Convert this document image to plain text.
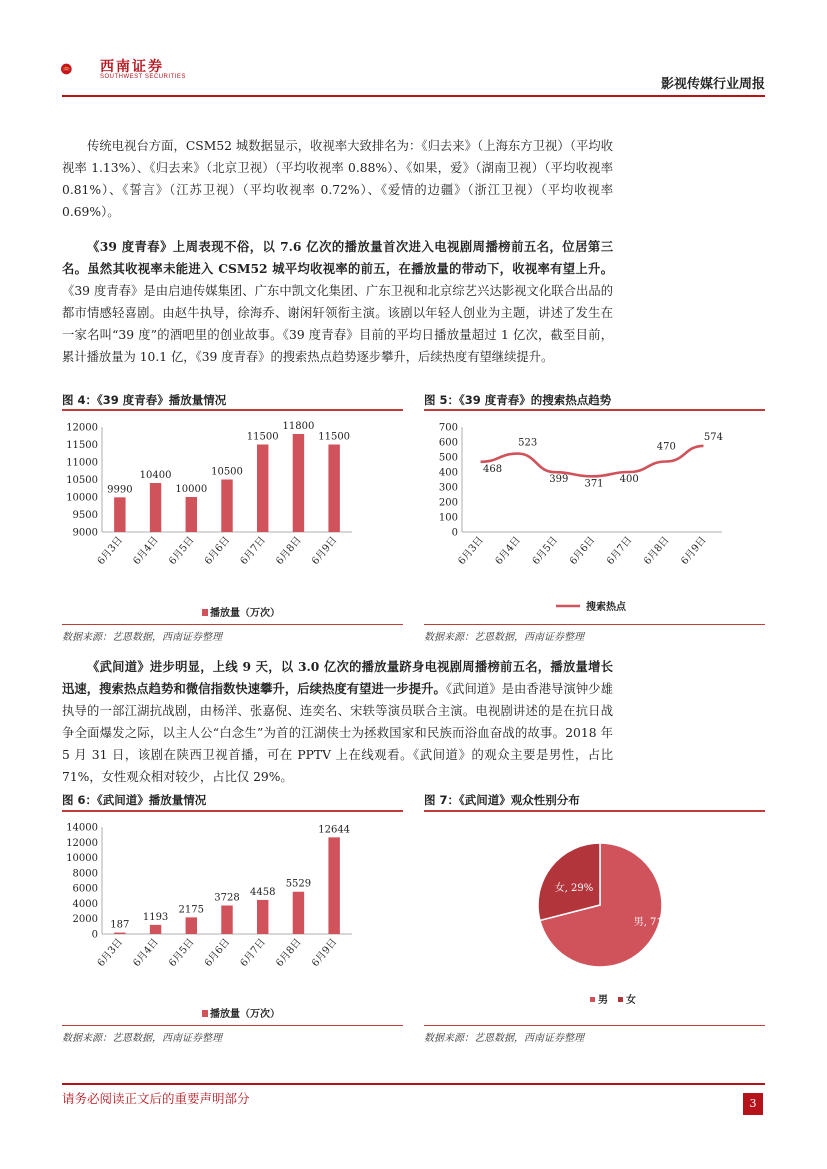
西南证券
SOUTHWEST SECURITIES	影视传媒行业周报
传统电视台方面，CSM52 城数据显示，收视率大致排名为：《归去来》（上海东方卫视）（平均收视率 1.13%）、《归去来》（北京卫视）（平均收视率 0.88%）、《如果，爱》（湖南卫视）（平均收视率 0.81%）、《誓言》（江苏卫视）（平均收视率 0.72%）、《爱情的边疆》（浙江卫视）（平均收视率 0.69%）。
《39 度青春》上周表现不俗，以 7.6 亿次的播放量首次进入电视剧周播榜前五名，位居第三名。虽然其收视率未能进入 CSM52 城平均收视率的前五，在播放量的带动下，收视率有望上升。《39 度青春》是由启迪传媒集团、广东中凯文化集团、广东卫视和北京综艺兴达影视文化联合出品的都市情感轻喜剧。由赵牛执导，徐海乔、谢闲轩领衔主演。该剧以年轻人创业为主题，讲述了发生在一家名叫“39 度”的酒吧里的创业故事。《39 度青春》目前的平均日播放量超过 1 亿次，截至目前，累计播放量为 10.1 亿，《39 度青春》的搜索热点趋势逐步攀升，后续热度有望继续提升。
图 4：《39 度青春》播放量情况
9000
9500
10000
10500
11000
11500
12000
6月3日 6月4日 6月5日 6月6日 6月7日 6月8日 6月9日
9990
10400
10000
10500
11500
11800
11500
播放量（万次）
数据来源：艺恩数据，西南证券整理
图 5：《39 度青春》的搜索热点趋势
0
100
200
300
400
500
600
700
6月3日 6月4日 6月5日 6月6日 6月7日 6月8日 6月9日
468
523
399 371 400
470
574
搜索热点
数据来源：艺恩数据，西南证券整理
《武间道》进步明显，上线 9 天，以 3.0 亿次的播放量跻身电视剧周播榜前五名，播放量增长迅速，搜索热点趋势和微信指数快速攀升，后续热度有望进一步提升。《武间道》是由香港导演钟少雄执导的一部江湖抗战剧，由杨洋、张嘉倪、连奕名、宋轶等演员联合主演。电视剧讲述的是在抗日战争全面爆发之际，以主人公“白念生”为首的江湖侠士为拯救国家和民族而浴血奋战的故事。2018 年 5 月 31 日，该剧在陕西卫视首播，可在 PPTV 上在线观看。《武间道》的观众主要是男性，占比 71%，女性观众相对较少，占比仅 29%。
图 6：《武间道》播放量情况
0
2000
4000
6000
8000
10000
12000
14000
6月3日 6月4日 6月5日 6月6日 6月7日 6月8日 6月9日
187
1193
2175
3728
4458
5529
12644
播放量（万次）
数据来源：艺恩数据，西南证券整理
图 7：《武间道》观众性别分布
男, 71%
女, 29%
男 女
数据来源：艺恩数据，西南证券整理
请务必阅读正文后的重要声明部分	3
